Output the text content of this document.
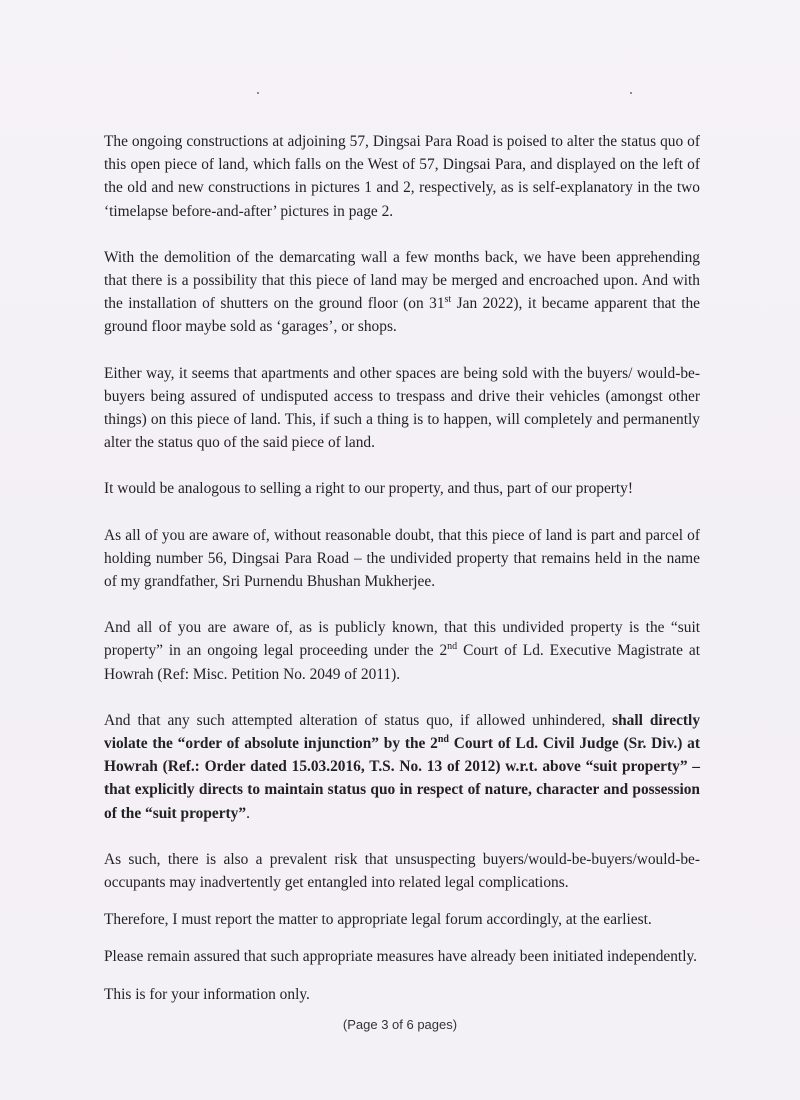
The ongoing constructions at adjoining 57, Dingsai Para Road is poised to alter the status quo of this open piece of land, which falls on the West of 57, Dingsai Para, and displayed on the left of the old and new constructions in pictures 1 and 2, respectively, as is self-explanatory in the two ‘timelapse before-and-after’ pictures in page 2.

With the demolition of the demarcating wall a few months back, we have been apprehending that there is a possibility that this piece of land may be merged and encroached upon. And with the installation of shutters on the ground floor (on 31st Jan 2022), it became apparent that the ground floor maybe sold as ‘garages’, or shops.

Either way, it seems that apartments and other spaces are being sold with the buyers/ would-be-buyers being assured of undisputed access to trespass and drive their vehicles (amongst other things) on this piece of land. This, if such a thing is to happen, will completely and permanently alter the status quo of the said piece of land.

It would be analogous to selling a right to our property, and thus, part of our property!

As all of you are aware of, without reasonable doubt, that this piece of land is part and parcel of holding number 56, Dingsai Para Road – the undivided property that remains held in the name of my grandfather, Sri Purnendu Bhushan Mukherjee.

And all of you are aware of, as is publicly known, that this undivided property is the “suit property” in an ongoing legal proceeding under the 2nd Court of Ld. Executive Magistrate at Howrah (Ref: Misc. Petition No. 2049 of 2011).

And that any such attempted alteration of status quo, if allowed unhindered, shall directly violate the “order of absolute injunction” by the 2nd Court of Ld. Civil Judge (Sr. Div.) at Howrah (Ref.: Order dated 15.03.2016, T.S. No. 13 of 2012) w.r.t. above “suit property” – that explicitly directs to maintain status quo in respect of nature, character and possession of the “suit property”.

As such, there is also a prevalent risk that unsuspecting buyers/would-be-buyers/would-be-occupants may inadvertently get entangled into related legal complications.

Therefore, I must report the matter to appropriate legal forum accordingly, at the earliest.

Please remain assured that such appropriate measures have already been initiated independently.

This is for your information only.

(Page 3 of 6 pages)
